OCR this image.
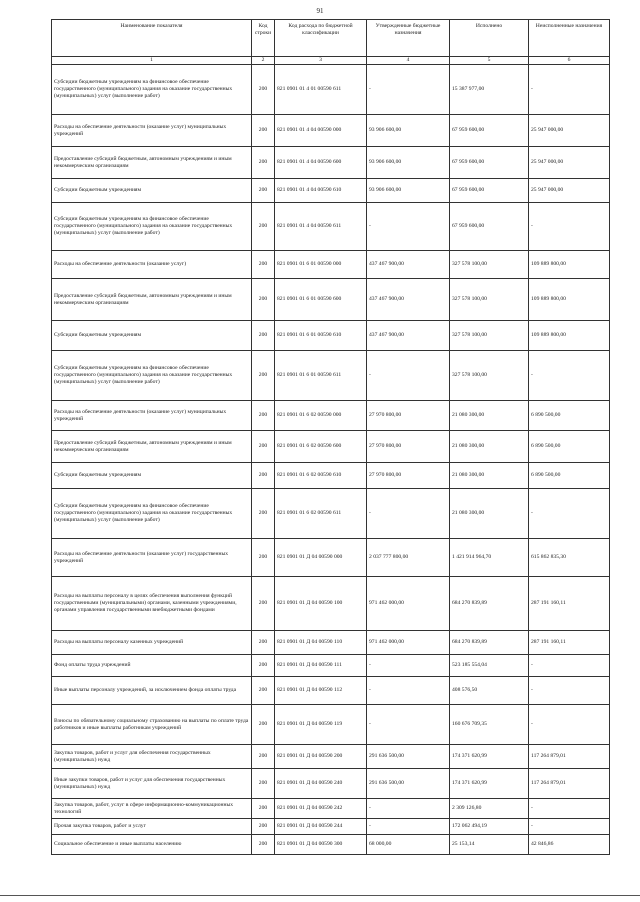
91
Наименование показателя	Код строки	Код расхода по бюджетной классификации	Утвержденные бюджетные назначения	Исполнено	Неисполненные назначения
1	2	3	4	5	6
Субсидии бюджетным учреждениям на финансовое обеспечение государственного (муниципального) задания на оказание государственных (муниципальных) услуг (выполнение работ)	200	821 0901 01 4 01 00590 611	-	15 387 977,00	-
Расходы на обеспечение деятельности (оказание услуг) муниципальных учреждений	200	821 0901 01 4 04 00590 000	93 906 600,00	67 959 600,00	25 947 000,00
Предоставление субсидий бюджетным, автономным учреждениям и иным некоммерческим организациям	200	821 0901 01 4 04 00590 600	93 906 600,00	67 959 600,00	25 947 000,00
Субсидии бюджетным учреждениям	200	821 0901 01 4 04 00590 610	93 906 600,00	67 959 600,00	25 947 000,00
Субсидии бюджетным учреждениям на финансовое обеспечение государственного (муниципального) задания на оказание государственных (муниципальных) услуг (выполнение работ)	200	821 0901 01 4 04 00590 611	-	67 959 600,00	-
Расходы на обеспечение деятельности (оказание услуг)	200	821 0901 01 6 01 00590 000	437 467 900,00	327 578 100,00	109 889 800,00
Предоставление субсидий бюджетным, автономным учреждениям и иным некоммерческим организациям	200	821 0901 01 6 01 00590 600	437 467 900,00	327 578 100,00	109 889 800,00
Субсидии бюджетным учреждениям	200	821 0901 01 6 01 00590 610	437 467 900,00	327 578 100,00	109 889 800,00
Субсидии бюджетным учреждениям на финансовое обеспечение государственного (муниципального) задания на оказание государственных (муниципальных) услуг (выполнение работ)	200	821 0901 01 6 01 00590 611	-	327 578 100,00	-
Расходы на обеспечение деятельности (оказание услуг) муниципальных учреждений	200	821 0901 01 6 02 00590 000	27 970 800,00	21 080 300,00	6 890 500,00
Предоставление субсидий бюджетным, автономным учреждениям и иным некоммерческим организациям	200	821 0901 01 6 02 00590 600	27 970 800,00	21 080 300,00	6 890 500,00
Субсидии бюджетным учреждениям	200	821 0901 01 6 02 00590 610	27 970 800,00	21 080 300,00	6 890 500,00
Субсидии бюджетным учреждениям на финансовое обеспечение государственного (муниципального) задания на оказание государственных (муниципальных) услуг (выполнение работ)	200	821 0901 01 6 02 00590 611	-	21 080 300,00	-
Расходы на обеспечение деятельности (оказание услуг) государственных учреждений	200	821 0901 01 Д 04 00590 000	2 037 777 800,00	1 421 914 964,70	615 862 835,30
Расходы на выплаты персоналу в целях обеспечения выполнения функций государственными (муниципальными) органами, казенными учреждениями, органами управления государственными внебюджетными фондами	200	821 0901 01 Д 04 00590 100	971 462 000,00	684 270 839,89	287 191 160,11
Расходы на выплаты персоналу казенных учреждений	200	821 0901 01 Д 04 00590 110	971 462 000,00	684 270 839,89	287 191 160,11
Фонд оплаты труда учреждений	200	821 0901 01 Д 04 00590 111	-	523 185 554,04	-
Иные выплаты персоналу учреждений, за исключением фонда оплаты труда	200	821 0901 01 Д 04 00590 112	-	408 576,50	-
Взносы по обязательному социальному страхованию на выплаты по оплате труда работников и иные выплаты работникам учреждений	200	821 0901 01 Д 04 00590 119	-	160 676 709,35	-
Закупка товаров, работ и услуг для обеспечения государственных (муниципальных) нужд	200	821 0901 01 Д 04 00590 200	291 636 500,00	174 371 620,99	117 264 879,01
Иные закупки товаров, работ и услуг для обеспечения государственных (муниципальных) нужд	200	821 0901 01 Д 04 00590 240	291 636 500,00	174 371 620,99	117 264 879,01
Закупка товаров, работ, услуг в сфере информационно-коммуникационных технологий	200	821 0901 01 Д 04 00590 242	-	2 309 126,80	-
Прочая закупка товаров, работ и услуг	200	821 0901 01 Д 04 00590 244	-	172 062 494,19	-
Социальное обеспечение и иные выплаты населению	200	821 0901 01 Д 04 00590 300	68 000,00	25 153,14	42 846,86
